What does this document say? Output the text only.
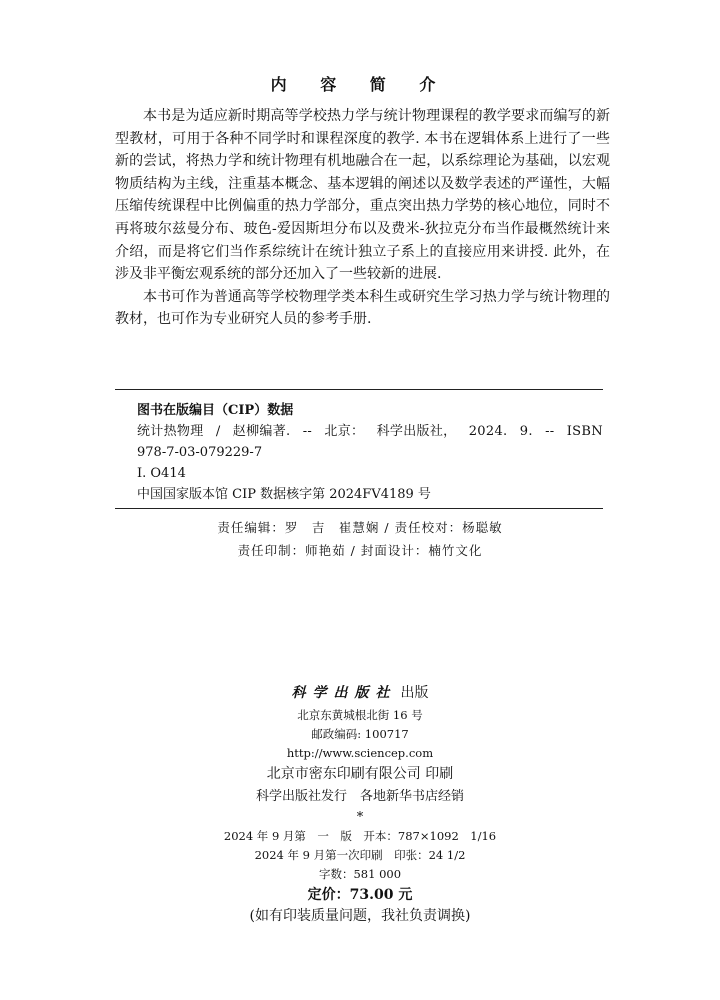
内 容 简 介

本书是为适应新时期高等学校热力学与统计物理课程的教学要求而编写的新型教材，可用于各种不同学时和课程深度的教学. 本书在逻辑体系上进行了一些新的尝试，将热力学和统计物理有机地融合在一起，以系综理论为基础，以宏观物质结构为主线，注重基本概念、基本逻辑的阐述以及数学表述的严谨性，大幅压缩传统课程中比例偏重的热力学部分，重点突出热力学势的核心地位，同时不再将玻尔兹曼分布、玻色-爱因斯坦分布以及费米-狄拉克分布当作最概然统计来介绍，而是将它们当作系综统计在统计独立子系上的直接应用来讲授. 此外，在涉及非平衡宏观系统的部分还加入了一些较新的进展.

本书可作为普通高等学校物理学类本科生或研究生学习热力学与统计物理的教材，也可作为专业研究人员的参考手册.

图书在版编目（CIP）数据
统计热物理 / 赵柳编著. -- 北京： 科学出版社， 2024. 9. -- ISBN
978-7-03-079229-7
Ⅰ. O414
中国国家版本馆 CIP 数据核字第 2024FV4189 号
责任编辑：罗　吉　崔慧娴 / 责任校对：杨聪敏
责任印制：师艳茹 / 封面设计：楠竹文化
科学出版社 出版
北京东黄城根北街 16 号
邮政编码: 100717
http://www.sciencep.com
北京市密东印刷有限公司 印刷
科学出版社发行　各地新华书店经销
*
2024 年 9 月第　一　版　开本：787×1092　1/16
2024 年 9 月第一次印刷　印张：24 1/2
字数：581 000
定价：73.00 元
(如有印装质量问题，我社负责调换)
